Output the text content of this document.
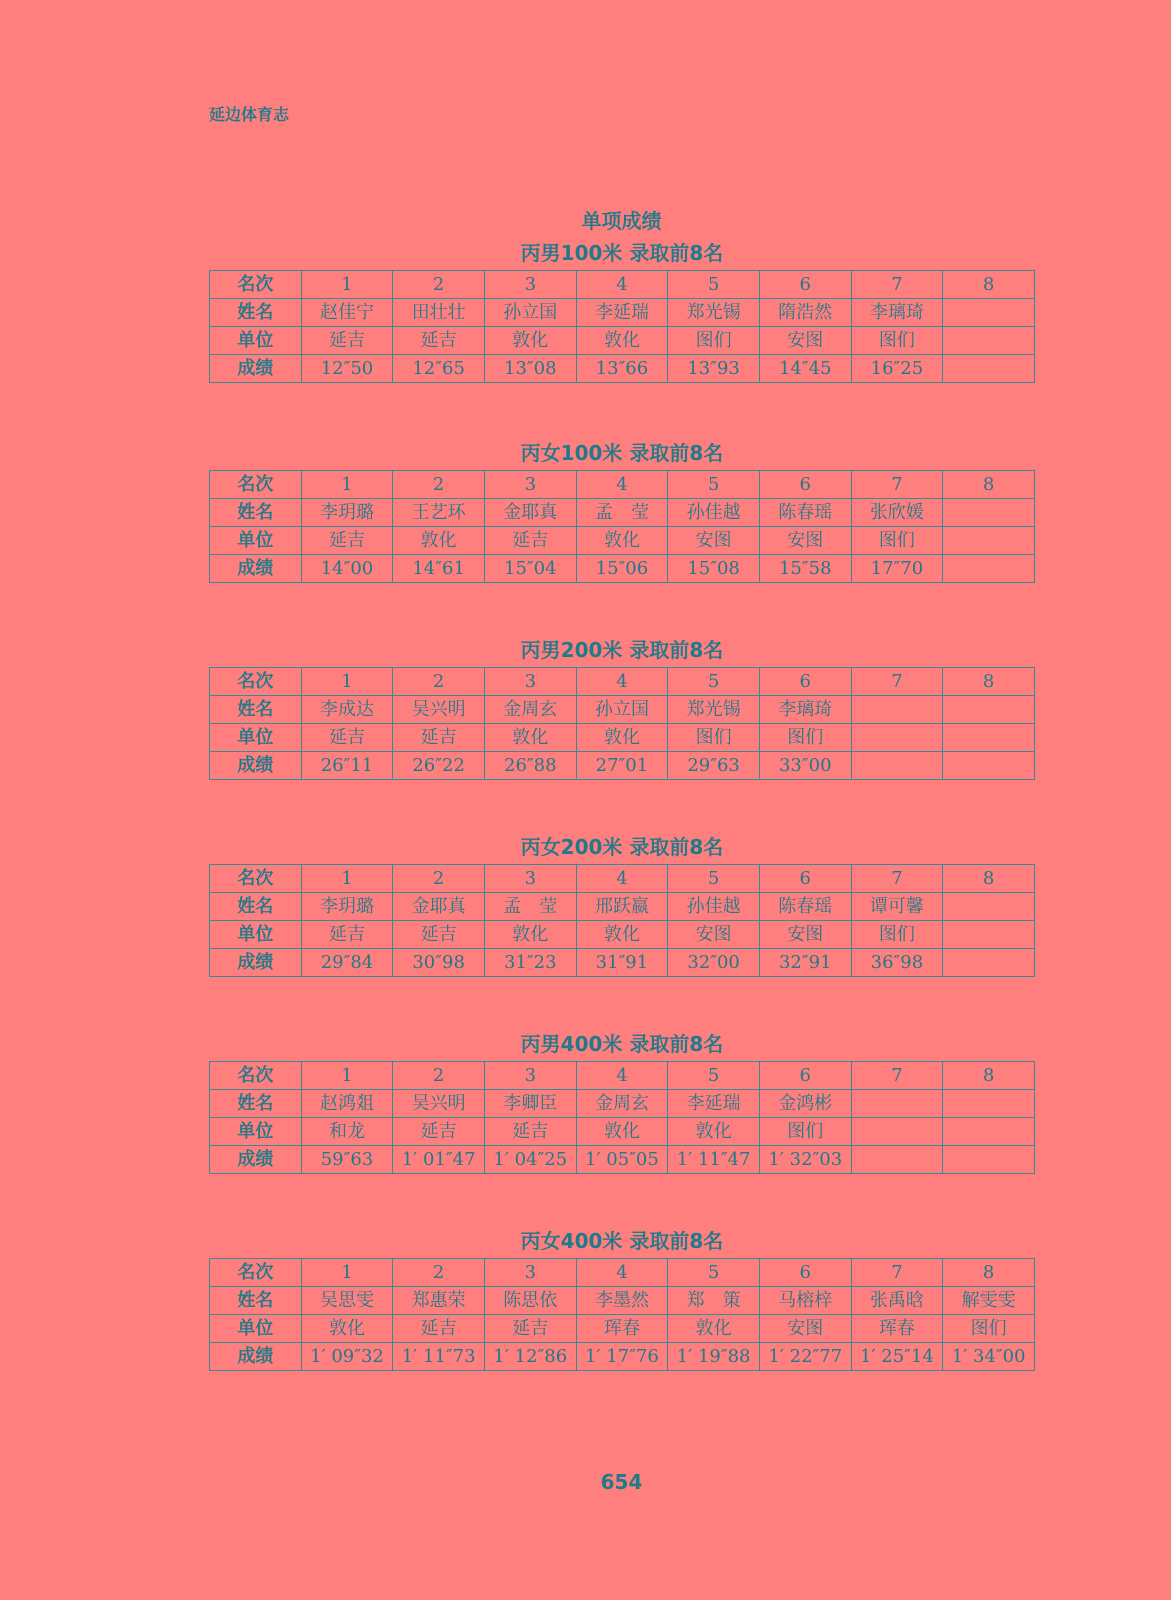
延边体育志
单项成绩
丙男100米 录取前8名
名次	1	2	3	4	5	6	7	8
姓名	赵佳宁	田壮壮	孙立国	李延瑞	郑光锡	隋浩然	李璃琦	
单位	延吉	延吉	敦化	敦化	图们	安图	图们	
成绩	12″50	12″65	13″08	13″66	13″93	14″45	16″25	
丙女100米 录取前8名
名次	1	2	3	4	5	6	7	8
姓名	李玥璐	王艺环	金耶真	孟　莹	孙佳越	陈春瑶	张欣媛	
单位	延吉	敦化	延吉	敦化	安图	安图	图们	
成绩	14″00	14″61	15″04	15″06	15″08	15″58	17″70	
丙男200米 录取前8名
名次	1	2	3	4	5	6	7	8
姓名	李成达	吴兴明	金周玄	孙立国	郑光锡	李璃琦		
单位	延吉	延吉	敦化	敦化	图们	图们		
成绩	26″11	26″22	26″88	27″01	29″63	33″00		
丙女200米 录取前8名
名次	1	2	3	4	5	6	7	8
姓名	李玥璐	金耶真	孟　莹	邢跃嬴	孙佳越	陈春瑶	谭可馨	
单位	延吉	延吉	敦化	敦化	安图	安图	图们	
成绩	29″84	30″98	31″23	31″91	32″00	32″91	36″98	
丙男400米 录取前8名
名次	1	2	3	4	5	6	7	8
姓名	赵鸿爼	吴兴明	李卿臣	金周玄	李延瑞	金鸿彬		
单位	和龙	延吉	延吉	敦化	敦化	图们		
成绩	59″63	1′ 01″47	1′ 04″25	1′ 05″05	1′ 11″47	1′ 32″03		
丙女400米 录取前8名
名次	1	2	3	4	5	6	7	8
姓名	吴思雯	郑惠荣	陈思依	李墨然	郑　策	马榕梓	张禹晗	解雯雯
单位	敦化	延吉	延吉	珲春	敦化	安图	珲春	图们
成绩	1′ 09″32	1′ 11″73	1′ 12″86	1′ 17″76	1′ 19″88	1′ 22″77	1′ 25″14	1′ 34″00
654
